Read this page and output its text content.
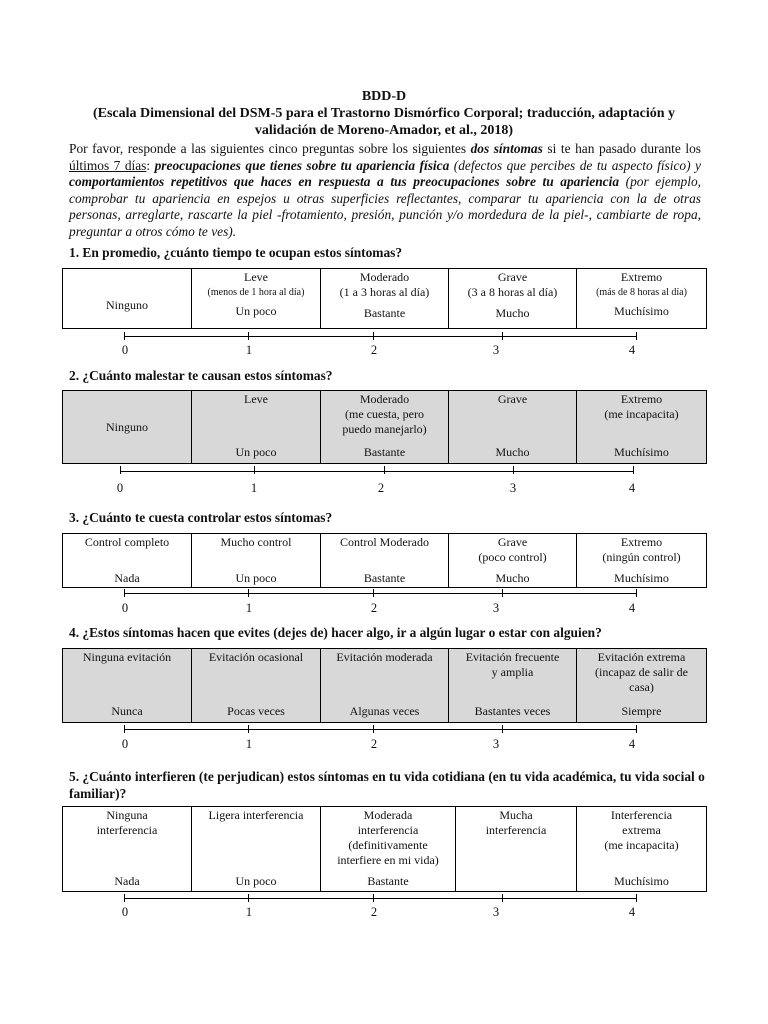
BDD-D
(Escala Dimensional del DSM-5 para el Trastorno Dismórfico Corporal; traducción, adaptación y
validación de Moreno-Amador, et al., 2018)
Por favor, responde a las siguientes cinco preguntas sobre los siguientes dos síntomas si te han pasado durante los últimos 7 días: preocupaciones que tienes sobre tu apariencia física (defectos que percibes de tu aspecto físico) y comportamientos repetitivos que haces en respuesta a tus preocupaciones sobre tu apariencia (por ejemplo, comprobar tu apariencia en espejos u otras superficies reflectantes, comparar tu apariencia con la de otras personas, arreglarte, rascarte la piel -frotamiento, presión, punción y/o mordedura de la piel-, cambiarte de ropa, preguntar a otros cómo te ves).
1. En promedio, ¿cuánto tiempo te ocupan estos síntomas?
Ninguno

Leve
(menos de 1 hora al día)
Un poco

Moderado
(1 a 3 horas al día)
Bastante

Grave
(3 a 8 horas al día)
Mucho

Extremo
(más de 8 horas al día)
Muchísimo
0	1	2	3	4
2. ¿Cuánto malestar te causan estos síntomas?
Ninguno

Leve
Un poco

Moderado
(me cuesta, pero
puedo manejarlo)
Bastante

Grave
Mucho

Extremo
(me incapacita)
Muchísimo
0	1	2	3	4
3. ¿Cuánto te cuesta controlar estos síntomas?
Control completo
Nada

Mucho control
Un poco

Control Moderado
Bastante

Grave
(poco control)
Mucho

Extremo
(ningún control)
Muchísimo
0	1	2	3	4
4. ¿Estos síntomas hacen que evites (dejes de) hacer algo, ir a algún lugar o estar con alguien?
Ninguna evitación
Nunca

Evitación ocasional
Pocas veces

Evitación moderada
Algunas veces

Evitación frecuente
y amplia
Bastantes veces

Evitación extrema
(incapaz de salir de
casa)
Siempre
0	1	2	3	4
5. ¿Cuánto interfieren (te perjudican) estos síntomas en tu vida cotidiana (en tu vida académica, tu vida social o familiar)?
Ninguna
interferencia
Nada

Ligera interferencia
Un poco

Moderada
interferencia
(definitivamente
interfiere en mi vida)
Bastante

Mucha
interferencia

Interferencia
extrema
(me incapacita)
Muchísimo
0	1	2	3	4
